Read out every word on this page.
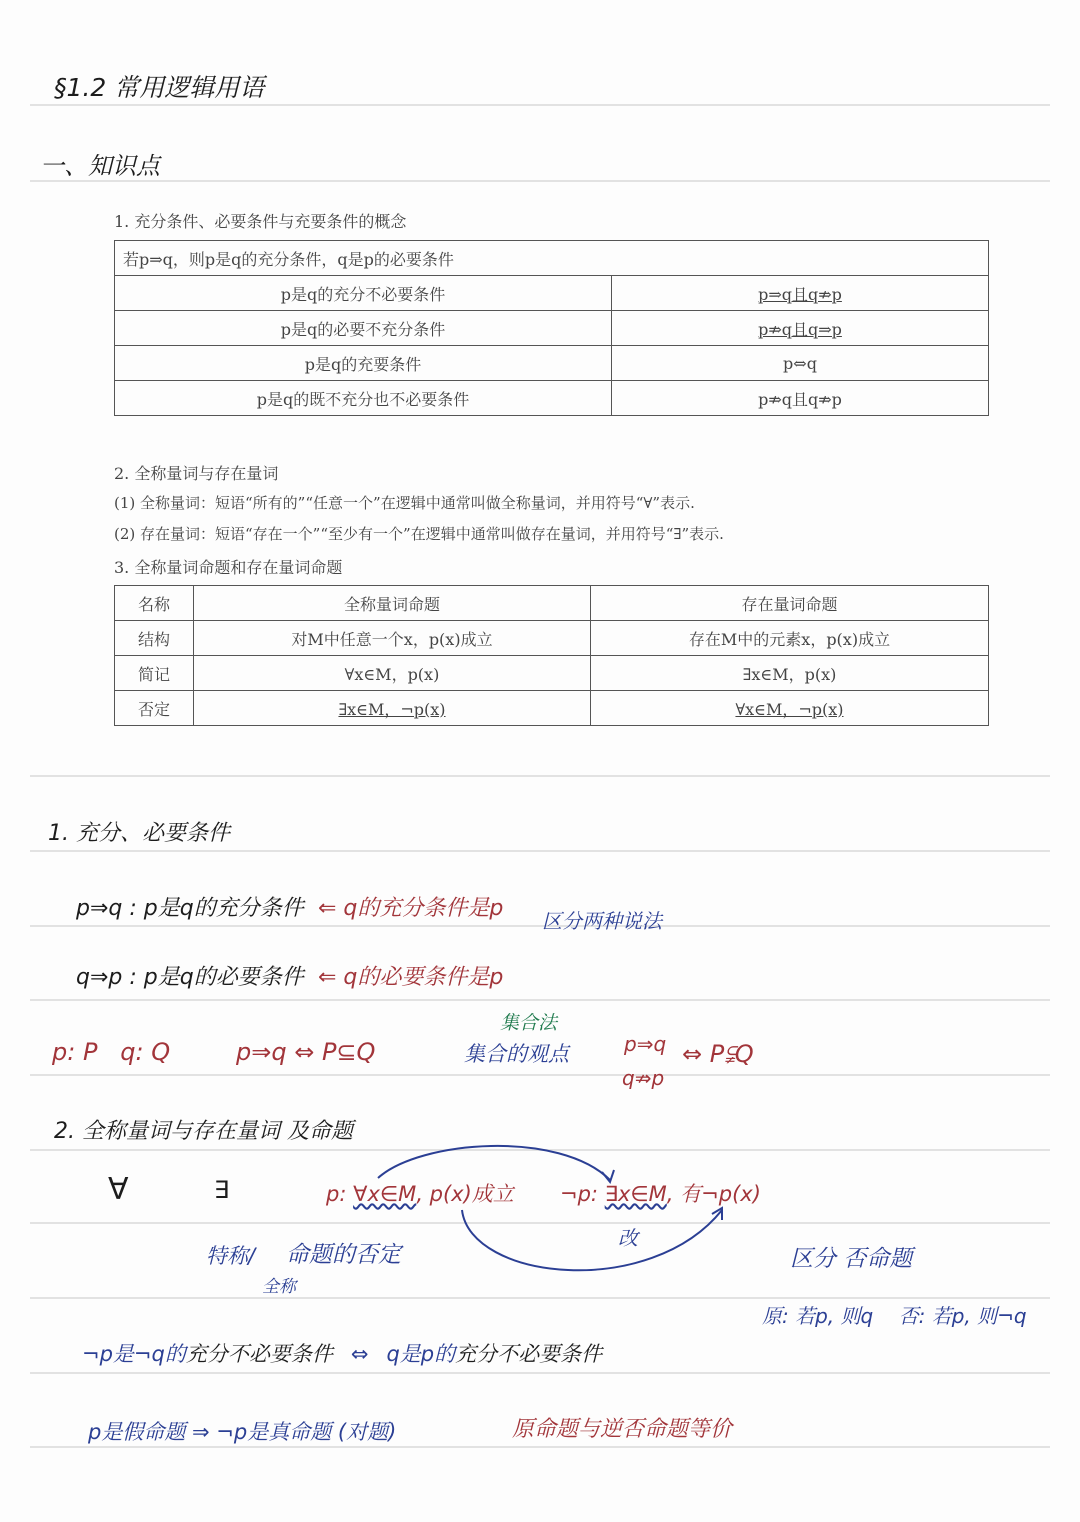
§1.2 常用逻辑用语
一、知识点
1. 充分条件、必要条件与充要条件的概念
若p⇒q，则p是q的充分条件，q是p的必要条件	
p是q的充分不必要条件	p⇒q且q⇏p
p是q的必要不充分条件	p⇏q且q⇒p
p是q的充要条件	p⇔q
p是q的既不充分也不必要条件	p⇏q且q⇏p
2. 全称量词与存在量词
(1) 全称量词：短语“所有的”“任意一个”在逻辑中通常叫做全称量词，并用符号“∀”表示.
(2) 存在量词：短语“存在一个”“至少有一个”在逻辑中通常叫做存在量词，并用符号“∃”表示.
3. 全称量词命题和存在量词命题
名称	全称量词命题	存在量词命题
结构	对M中任意一个x，p(x)成立	存在M中的元素x，p(x)成立
简记	∀x∈M，p(x)	∃x∈M，p(x)
否定	∃x∈M，¬p(x)	∀x∈M，¬p(x)
1. 充分、必要条件
p⇒q : p是q的充分条件 ⇐ q的充分条件是p 区分两种说法
q⇒p : p是q的必要条件 ⇐ q的必要条件是p
p: P   q: Q	p⇒q ⇔ P⊆Q
集合法
集合的观点	p⇒q
q⇏p
⇔ P⫋Q
2. 全称量词与存在量词 及命题
∀	∃	p: ∀x∈M, p(x)成立 ¬p: ∃x∈M, 有¬p(x)
改
特称/
全称
命题的否定	区分 否命题
原: 若p, 则q    否: 若p, 则¬q
¬p是¬q的充分不必要条件 ⇔ q是p的充分不必要条件
p是假命题 ⇒ ¬p是真命题 (对题)	原命题与逆否命题等价
